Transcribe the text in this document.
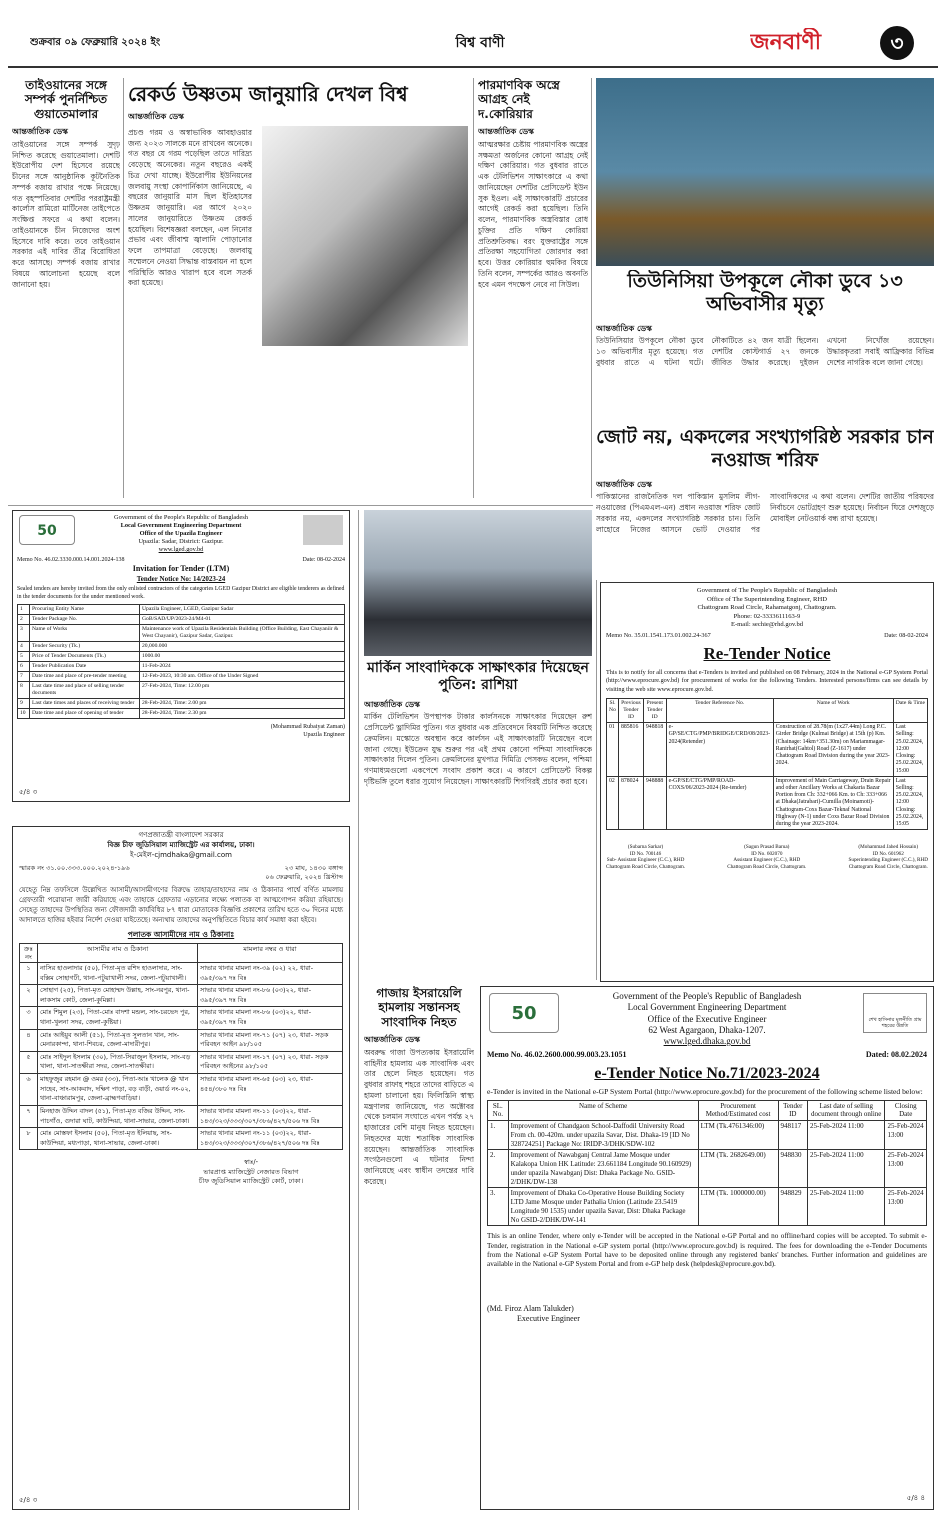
শুক্রবার ০৯ ফেব্রুয়ারি ২০২৪ ইং	বিশ্ব বাণী	জনবাণী	৩
তাইওয়ানের সঙ্গে সম্পর্ক পুনর্নিশ্চিত গুয়াতেমালার
আন্তর্জাতিক ডেস্ক
তাইওয়ানের সঙ্গে সম্পর্ক সুদৃঢ় নিশ্চিত করেছে গুয়াতেমালা। দেশটি ইউরোপীয় দেশ হিসেবে রয়েছে চীনের সঙ্গে আনুষ্ঠানিক কূটনৈতিক সম্পর্ক বজায় রাখার পক্ষে নিয়েছে। গত বৃহস্পতিবার দেশটির পররাষ্ট্রমন্ত্রী কার্লোস রামিরো মার্টিনেজ তাইপেতে সংক্ষিপ্ত সফরে এ কথা বলেন। তাইওয়ানকে চীন নিজেদের অংশ হিসেবে দাবি করে। তবে তাইওয়ান সরকার এই দাবির তীব্র বিরোধিতা করে আসছে। সম্পর্ক বজায় রাখার বিষয়ে আলোচনা হয়েছে বলে জানানো হয়।
রেকর্ড উষ্ণতম জানুয়ারি দেখল বিশ্ব
আন্তর্জাতিক ডেস্ক
প্রচণ্ড গরম ও অস্বাভাবিক আবহাওয়ার জন্য ২০২৩ সালকে মনে রাখবেন অনেকে। গত বছর যে গরম পড়েছিল তাতে দারিদ্র্য বেড়েছে অনেকের। নতুন বছরেও একই চিত্র দেখা যাচ্ছে। ইউরোপীয় ইউনিয়নের জলবায়ু সংস্থা কোপার্নিকাস জানিয়েছে, এ বছরের জানুয়ারি মাস ছিল ইতিহাসের উষ্ণতম জানুয়ারি। এর আগে ২০২০ সালের জানুয়ারিতে উষ্ণতম রেকর্ড হয়েছিল। বিশেষজ্ঞরা বলছেন, এল নিনোর প্রভাব এবং জীবাশ্ম জ্বালানি পোড়ানোর ফলে তাপমাত্রা বেড়েছে। জলবায়ু সম্মেলনে নেওয়া সিদ্ধান্ত বাস্তবায়ন না হলে পরিস্থিতি আরও খারাপ হবে বলে সতর্ক করা হয়েছে।
পারমাণবিক অস্ত্রে আগ্রহ নেই দ.কোরিয়ার
আন্তর্জাতিক ডেস্ক
আত্মরক্ষার চেষ্টায় পারমাণবিক অস্ত্রের সক্ষমতা অর্জনের কোনো আগ্রহ নেই দক্ষিণ কোরিয়ার। গত বুধবার রাতে এক টেলিভিশন সাক্ষাৎকারে এ কথা জানিয়েছেন দেশটির প্রেসিডেন্ট ইউন সুক ইওল। এই সাক্ষাৎকারটি প্রচারের আগেই রেকর্ড করা হয়েছিল। তিনি বলেন, পারমাণবিক অস্ত্রবিস্তার রোধ চুক্তির প্রতি দক্ষিণ কোরিয়া প্রতিশ্রুতিবদ্ধ। বরং যুক্তরাষ্ট্রের সঙ্গে প্রতিরক্ষা সহযোগিতা জোরদার করা হবে। উত্তর কোরিয়ার হুমকির বিষয়ে তিনি বলেন, সম্পর্কের আরও অবনতি হবে এমন পদক্ষেপ নেবে না সিউল।	তিউনিসিয়া উপকূলে নৌকা ডুবে ১৩ অভিবাসীর মৃত্যু
আন্তর্জাতিক ডেস্ক
তিউনিসিয়ার উপকূলে নৌকা ডুবে ১৩ অভিবাসীর মৃত্যু হয়েছে। গত বুধবার রাতে এ ঘটনা ঘটে। নৌকাটিতে ৪২ জন যাত্রী ছিলেন। দেশটির কোস্টগার্ড ২৭ জনকে জীবিত উদ্ধার করেছে। দুইজন এখনো নিখোঁজ রয়েছেন। উদ্ধারকৃতরা সবাই আফ্রিকার বিভিন্ন দেশের নাগরিক বলে জানা গেছে।
জোট নয়, একদলের সংখ্যাগরিষ্ঠ সরকার চান নওয়াজ শরিফ
আন্তর্জাতিক ডেস্ক
পাকিস্তানের রাজনৈতিক দল পাকিস্তান মুসলিম লীগ-নওয়াজের (পিএমএল-এন) প্রধান নওয়াজ শরিফ জোট সরকার নয়, একদলের সংখ্যাগরিষ্ঠ সরকার চান। তিনি লাহোরে নিজের আসনে ভোট দেওয়ার পর সাংবাদিকদের এ কথা বলেন। দেশটির জাতীয় পরিষদের নির্বাচনে ভোটগ্রহণ শুরু হয়েছে। নির্বাচন ঘিরে দেশজুড়ে মোবাইল নেটওয়ার্ক বন্ধ রাখা হয়েছে।
50
Government of the People's Republic of Bangladesh
Local Government Engineering Department
Office of the Upazila Engineer
Upazila: Sadar, District: Gazipur.
www.lged.gov.bd
Memo No. 46.02.3330.000.14.001.2024-138	Date: 08-02-2024
Invitation for Tender (LTM)
Tender Notice No: 14/2023-24
Sealed tenders are hereby invited from the only enlisted contractors of the categories LGED Gazipur District are eligible tenderers as defined in the tender documents for the under mentioned work.
1	Procuring Entity Name	Upazila Engineer, LGED, Gazipur Sadar
2	Tender Package No.	GoB/SAD/UP/2023-24/M4-01
3	Name of Works	Maintenance work of Upazila Residentials Building (Office Building, East Chayaniir & West Chayanir), Gazipur Sadar, Gazipur.
4	Tender Security (Tk.)	20,000.000
5	Price of Tender Documents (Tk.)	1000.00
6	Tender Publication Date	11-Feb-2024
7	Date time and place of pre-tender meeting	12-Feb-2023, 10:30 am. Office of the Under Signed
8	Last date time and place of selling tender documents	27-Feb-2024, Time: 12.00 pm
9	Last date times and places of receiving tender	28-Feb-2024, Time: 2.00 pm
10	Date time and place of opening of tender	28-Feb-2024, Time: 2.30 pm
(Mohammad Rubaiyat Zaman)
Upazila Engineer
৫/৪ ৩
মার্কিন সাংবাদিককে সাক্ষাৎকার দিয়েছেন পুতিন: রাশিয়া
আন্তর্জাতিক ডেস্ক
মার্কিন টেলিভিশন উপস্থাপক টাকার কার্লসনকে সাক্ষাৎকার দিয়েছেন রুশ প্রেসিডেন্ট ভ্লাদিমির পুতিন। গত বুধবার এক প্রতিবেদনে বিষয়টি নিশ্চিত করেছে ক্রেমলিন। মস্কোতে অবস্থান করে কার্লসন এই সাক্ষাৎকারটি নিয়েছেন বলে জানা গেছে। ইউক্রেন যুদ্ধ শুরুর পর এই প্রথম কোনো পশ্চিমা সাংবাদিককে সাক্ষাৎকার দিলেন পুতিন। ক্রেমলিনের মুখপাত্র দিমিত্রি পেসকভ বলেন, পশ্চিমা গণমাধ্যমগুলো একপেশে সংবাদ প্রকাশ করে। এ কারণে প্রেসিডেন্ট বিকল্প দৃষ্টিভঙ্গি তুলে ধরার সুযোগ নিয়েছেন। সাক্ষাৎকারটি শিগগিরই প্রচার করা হবে।
Government of The People's Republic of Bangladesh
Office of The Superintending Engineer, RHD
Chattogram Road Circle, Rahamatgonj, Chattogram.
Phone: 02-3333611163-9
E-mail: sechie@rhd.gov.bd
Memo No. 35.01.1541.173.01.002.24-367	Date: 08-02-2024
Re-Tender Notice
This is to notify for all concerns that e-Tenders is invited and published on 08 February, 2024 in the National e-GP System Portal (http://www.eprocure.gov.bd) for procurement of works for the following Tenders. Interested persons/firms can see details by visiting the web site www.eprocure.gov.bd.
Sl. No	Previous Tender ID	Present Tender ID	Tender Reference No.	Name of Work	Date & Time
01	885816	948818	e-GP/SE/CTG/PMP/BRIDGE/CRD/08/2023-2024(Retender)	Construction of 28.78(m (1x27.44m) Long P.C. Girder Bridge (Kulmai Bridge) at 15th (p) Km. (Chainage: 14km+351.30m) on Mariammagar-Ranirhat(Gahtol) Road (Z-1617) under Chattogram Road Division during the year 2023-2024.	Last Selling: 25.02.2024, 12:00 Closing: 25.02.2024, 15:00
02	878024	948888	e-GP/SE/CTG/PMP/ROAD-COXS/06/2023-2024 (Re-tender)	Improvement of Main Carriageway, Drain Repair and other Ancillary Works at Chakaria Bazar Portion from Ch: 332+066 Km. to Ch: 333+066 at Dhaka(Jatrabari)-Cumilla (Moinamoti)-Chattogram-Coxs Bazar-Teknaf National Highway (N-1) under Coxs Bazar Road Division during the year 2023-2024.	Last Selling: 25.02.2024, 12:00 Closing: 25.02.2024, 15:05
(Subarna Sarkar)
ID No. 700146
Sub- Assistant Engineer (C.C.), RHD
Chattogram Road Circle, Chattogram.
(Sagun Prasad Barua)
ID No. 602070
Assistant Engineer (C.C.), RHD
Chattogram Road Circle, Chattogram.
(Mohammad Jahed Hossain)
ID No. 601962
Superintending Engineer (C.C.), RHD
Chattogram Road Circle, Chattogram.
গণপ্রজাতন্ত্রী বাংলাদেশ সরকার
বিজ্ঞ চীফ জুডিসিয়াল ম্যাজিস্ট্রেট এর কার্যালয়, ঢাকা।
ই-মেইল-cjmdhaka@gmail.com
স্মারক নং ৩১.০০.৩৩৩.০০০.২০২৪-১৯৬	২৩ মাঘ, ১৪৩০ বঙ্গাব্দ
০৬ ফেব্রুয়ারি, ২০২৪ খ্রিস্টাব্দ
যেহেতু নিম্ন তফসিলে উল্লেখিত আসামী/আসামীগণের বিরুদ্ধে তাহার/তাহাদের নাম ও ঠিকানার পার্শ্বে বর্ণিত মামলায় গ্রেফতারী পরোয়ানা জারী করিয়াছে এবং তাহাকে গ্রেফতার এড়ানোর লক্ষ্যে পলাতক বা আত্মগোপন করিয়া রহিয়াছে। সেহেতু তাহাদের উপস্থিতির জন্য ফৌজদারী কার্যবিধির ৮৭ ধারা মোতাবেক বিজ্ঞপ্তি প্রকাশের তারিখ হতে ৩০ দিনের মধ্যে আদালতে হাজির হইবার নির্দেশ দেওয়া যাইতেছে। অন্যথায় তাহাদের অনুপস্থিতিতে বিচার কার্য সমাধা করা হইবে।
পলাতক আসামীদের নাম ও ঠিকানাঃ
ক্রঃ নং	আসামীর নাম ও ঠিকানা	মামলার নম্বর ও ধারা
১	নাসির হাওলাদার (৫০), পিতা-মৃত রশিদ হাওলাদার, সাং-বক্সিম সোহাগঢী, থানা-পটুয়াখালী সদর, জেলা-পটুয়াখালী।	সাভার থানার মামলা নং-৩৯ (০২) ২২, ধারা- ৩৯৫/৩৯৭ দঃ বিঃ
২	সোহাগ (২৫), পিতা-মৃত মোহাম্মদ উল্লাহ, সাং-নরপুর, থানা-লাকসাম কোট, জেলা-কুমিল্লা।	সাভার থানার মামলা নং-৮৬ (০৩)২২, ধারা- ৩৯৫/৩৯৭ দঃ বিঃ
৩	মোঃ শিমুল (২৩), পিতা-মোঃ বাদশা মন্ডল, সাং-চরভেদ পুর, থানা-খুলনা সদর, জেলা-কুষ্টিয়া।	সাভার থানার মামলা নং-৮৬ (০৩)২২, ধারা- ৩৯৫/৩৯৭ দঃ বিঃ
৪	মোঃ আইয়ুব আলী (৫১), পিতা-মৃত সুলতান খান, সাং-মেনারকান্দা, থানা-শিবচর, জেলা-মাদারীপুর।	সাভার থানার মামলা নং-৭১ (০৭) ২৩, ধারা- সড়ক পরিবহন আইন ৯৮/১০৫
৫	মোঃ সাইদুল ইসলাম (৩০), পিতা-সিরাজুল ইসলাম, সাং-বড় খালা, থানা-সাতক্ষীরা সদর, জেলা-সাতক্ষীরা।	সাভার থানার মামলা নং-১৭ (০৭) ২৩, ধারা- সড়ক পরিবহন আইনের ৯৮/১০৫
৬	মাহফুজুর রহমান @ ওমর (৩৩), পিতা-আঃ খালেক @ খান সাহেব, সাং-আকবাদ, দক্ষিণ পাড়া, বড় বাড়ী, ওয়ার্ড নং-০২, থানা-বাঞ্চারামপুর, জেলা-ব্রাহ্মণবাড়িয়া।	সাভার থানার মামলা নং-৬৫ (০৩) ২৩, ধারা- ৪৫৪/৩৮০ দঃ বিঃ
৭	মিনহাজ উদ্দিন বাদল (৫১), পিতা-মৃত বজির উদ্দিন, সাং-পাচগাঁও, গুদারা ঘাট, কাউন্দিয়া, থানা-সাভার, জেলা-ঢাকা।	সাভার থানার মামলা নং-১১ (০৩)২২, ধারা- ১৪৩/৩২৩/৩৩৩/৩০৭/৩৮৬/৪২৭/৫০৬ দঃ বিঃ
৮	মোঃ মোস্তফা ইসলাম (৫০), পিতা-মৃত ইলিয়াছ, সাং-কাউন্দিয়া, মধ্যপাড়া, থানা-সাভার, জেলা-ঢাকা।	সাভার থানার মামলা নং-১১ (০৩)২২, ধারা- ১৪৩/৩২৩/৩৩৩/৩০৭/৩৮৬/৪২৭/৫০৬ দঃ বিঃ
স্বাঃ/-
ভারপ্রাপ্ত ম্যাজিস্ট্রেট নেজারত বিভাগ
চীফ জুডিসিয়াল ম্যাজিস্ট্রেট কোর্ট, ঢাকা।
৫/৪ ৩
গাজায় ইসরায়েলি হামলায় সন্তানসহ সাংবাদিক নিহত
আন্তর্জাতিক ডেস্ক
অবরুদ্ধ গাজা উপত্যকায় ইসরায়েলি বাহিনীর হামলায় এক সাংবাদিক এবং তার ছেলে নিহত হয়েছেন। গত বুধবার রাফাহ শহরে তাদের বাড়িতে এ হামলা চালানো হয়। ফিলিস্তিনি স্বাস্থ্য মন্ত্রণালয় জানিয়েছে, গত অক্টোবর থেকে চলমান সংঘাতে এখন পর্যন্ত ২৭ হাজারের বেশি মানুষ নিহত হয়েছেন। নিহতদের মধ্যে শতাধিক সাংবাদিক রয়েছেন। আন্তর্জাতিক সাংবাদিক সংগঠনগুলো এ ঘটনার নিন্দা জানিয়েছে এবং স্বাধীন তদন্তের দাবি করেছে।
50	শেখ হাসিনার মূলনীতি গ্রাম শহরের উন্নতি
Government of the People's Republic of Bangladesh
Local Government Engineering Department
Office of the Executive Engineer
62 West Agargaon, Dhaka-1207.
www.lged.dhaka.gov.bd
Memo No. 46.02.2600.000.99.003.23.1051	Dated: 08.02.2024
e-Tender Notice No.71/2023-2024
e-Tender is invited in the National e-GP System Portal (http://www.eprocure.gov.bd) for the procurement of the following scheme listed below:
SL. No.	Name of Scheme	Procurement Method/Estimated cost	Tender ID	Last date of selling document through online	Closing Date
1.	Improvement of Chandgaon School-Daffodil University Road From ch. 00-420m. under upazila Savar, Dist. Dhaka-19 [ID No 328724251] Package No: IRIDP-3/DHK/SDW-102	LTM (Tk.4761346:00)	948117	25-Feb-2024 11:00	25-Feb-2024 13:00
2.	Improvement of Nawabganj Central Jame Mosque under Kalakopa Union HK Latitude: 23.661184 Longitude 90.160929) under upazila Nawabganj Dist: Dhaka Package No. GSID-2/DHK/DW-138	LTM (Tk. 2682649.00)	948830	25-Feb-2024 11:00	25-Feb-2024 13:00
3.	Improvement of Dhaka Co-Operative House Building Society LTD Jame Mosque under Pathalia Union (Latitude 23.5419 Longitude 90 1535) under upazila Savar, Dist: Dhaka Package No GSID-2/DHK/DW-141	LTM (Tk. 1000000.00)	948829	25-Feb-2024 11:00	25-Feb-2024 13:00
This is an online Tender, where only e-Tender will be accepted in the National e-GP Portal and no offline/hard copies will be accepted. To submit e-Tender, registration in the National e-GP system portal (http://www.eprocure.gov.bd) is required. The fees for downloading the e-Tender Documents from the National e-GP System Portal have to be deposited online through any registered banks' branches. Further information and guidelines are available in the National e-GP System Portal and from e-GP help desk (helpdesk@eprocure.gov.bd).
(Md. Firoz Alam Talukder)
Executive Engineer
৫/৪ ৪
